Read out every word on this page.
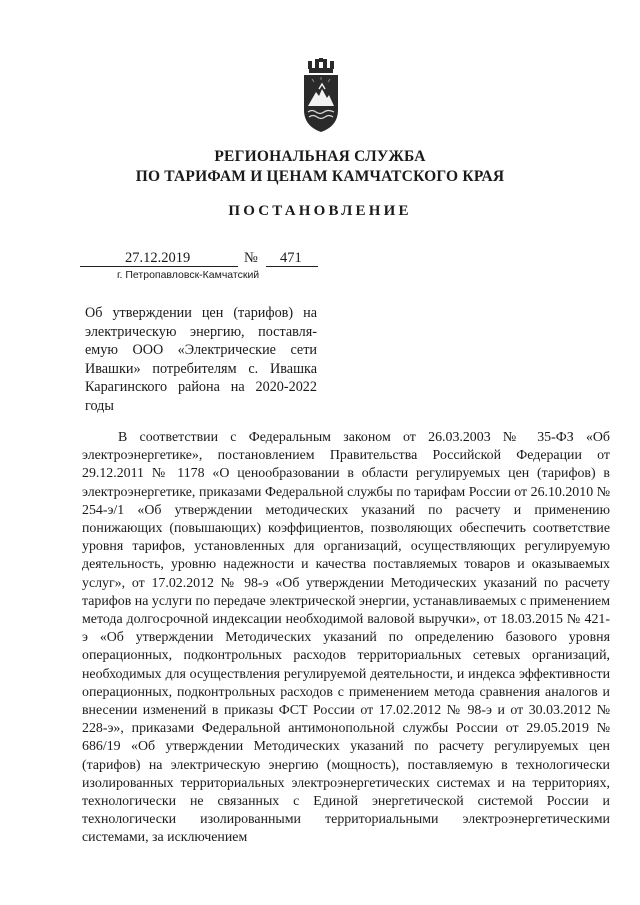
РЕГИОНАЛЬНАЯ СЛУЖБА
ПО ТАРИФАМ И ЦЕНАМ КАМЧАТСКОГО КРАЯ
ПОСТАНОВЛЕНИЕ
27.12.2019	№ 471
г. Петропавловск-Камчатский
Об утверждении цен (тарифов) на электрическую энергию, поставляемую ООО «Электрические сети Ивашки» потребителям с. Ивашка Карагинского района на 2020-2022 годы

В соответствии с Федеральным законом от 26.03.2003 № 35-ФЗ «Об электроэнергетике», постановлением Правительства Российской Федерации от 29.12.2011 № 1178 «О ценообразовании в области регулируемых цен (тарифов) в электроэнергетике, приказами Федеральной службы по тарифам России от 26.10.2010 № 254-э/1 «Об утверждении методических указаний по расчету и применению понижающих (повышающих) коэффициентов, позволяющих обеспечить соответствие уровня тарифов, установленных для организаций, осуществляющих регулируемую деятельность, уровню надежности и качества поставляемых товаров и оказываемых услуг», от 17.02.2012 № 98-э «Об утверждении Методических указаний по расчету тарифов на услуги по передаче электрической энергии, устанавливаемых с применением метода долгосрочной индексации необходимой валовой выручки», от 18.03.2015 № 421-э «Об утверждении Методических указаний по определению базового уровня операционных, подконтрольных расходов территориальных сетевых организаций, необходимых для осуществления регулируемой деятельности, и индекса эффективности операционных, подконтрольных расходов с применением метода сравнения аналогов и внесении изменений в приказы ФСТ России от 17.02.2012 № 98-э и от 30.03.2012 № 228-э», приказами Федеральной антимонопольной службы России от 29.05.2019 № 686/19 «Об утверждении Методических указаний по расчету регулируемых цен (тарифов) на электрическую энергию (мощность), поставляемую в технологически изолированных территориальных электроэнергетических системах и на территориях, технологически не связанных с Единой энергетической системой России и технологически изолированными территориальными электроэнергетическими системами, за исключением
